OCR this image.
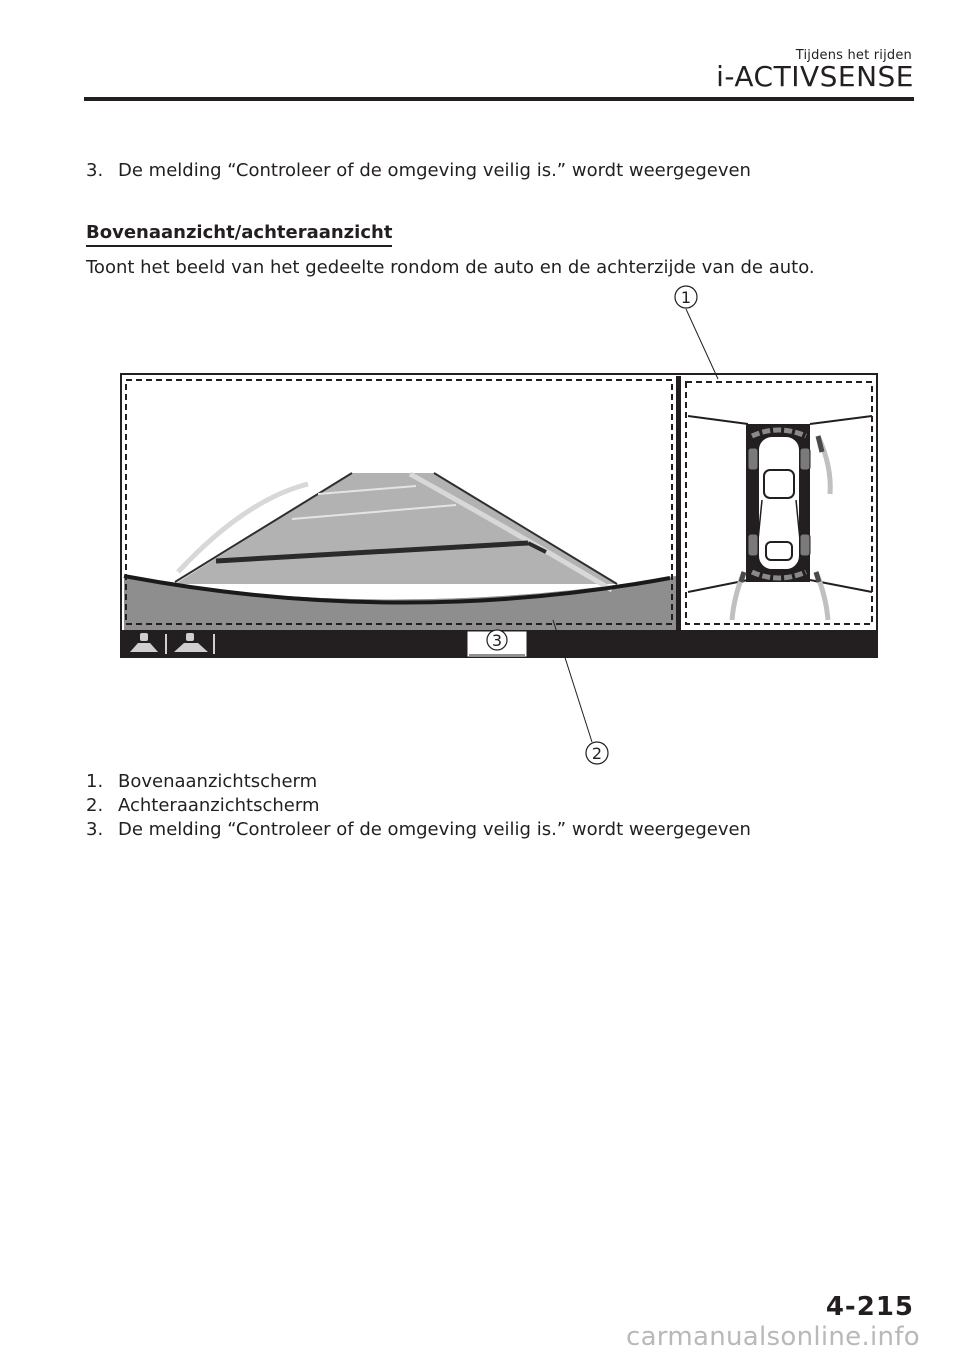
Tijdens het rijden
i-ACTIVSENSE
3. De melding “Controleer of de omgeving veilig is.” wordt weergegeven
Bovenaanzicht/achteraanzicht
Toont het beeld van het gedeelte rondom de auto en de achterzijde van de auto.
1
2
3
1. Bovenaanzichtscherm
2. Achteraanzichtscherm
3. De melding “Controleer of de omgeving veilig is.” wordt weergegeven
4-215
carmanualsonline.info
